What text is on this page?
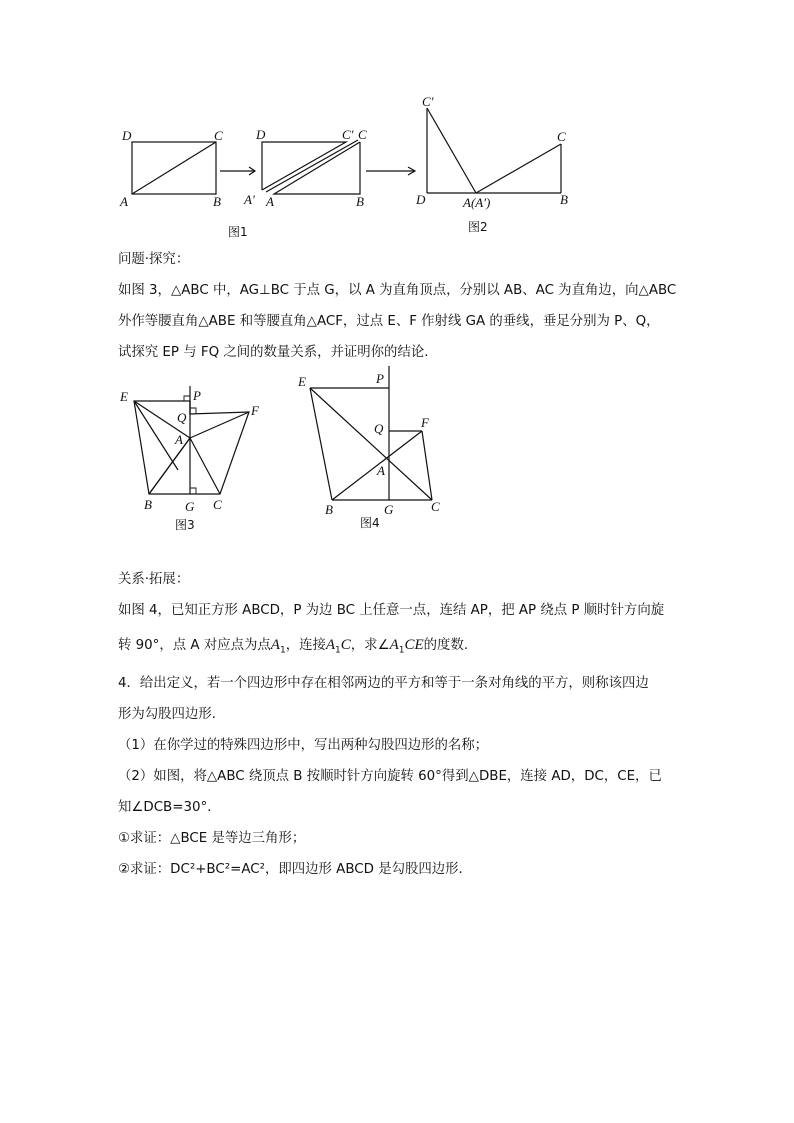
D	C
A	B
D	C′ C
A′ A	B
图1
C′
C
D	A(A′)	B
图2
问题·探究：
如图 3，△ABC 中，AG⊥BC 于点 G，以 A 为直角顶点，分别以 AB、AC 为直角边，向△ABC
外作等腰直角△ABE 和等腰直角△ACF，过点 E、F 作射线 GA 的垂线，垂足分别为 P、Q，
试探究 EP 与 FQ 之间的数量关系，并证明你的结论.
E	P
Q	F
A
B	G C
图3
E	P
Q	F
A
B	G	C
图4
关系·拓展：
如图 4，已知正方形 ABCD，P 为边 BC 上任意一点，连结 AP，把 AP 绕点 P 顺时针方向旋
转 90°，点 A 对应点为点$A_1$，连接$A_1C$，求$\angle A_1CE$的度数.
4．给出定义，若一个四边形中存在相邻两边的平方和等于一条对角线的平方，则称该四边
形为勾股四边形．
（1）在你学过的特殊四边形中，写出两种勾股四边形的名称；
（2）如图，将△ABC 绕顶点 B 按顺时针方向旋转 60°得到△DBE，连接 AD，DC，CE，已
知∠DCB=30°．
①求证：△BCE 是等边三角形；
②求证：DC²+BC²=AC²，即四边形 ABCD 是勾股四边形．
